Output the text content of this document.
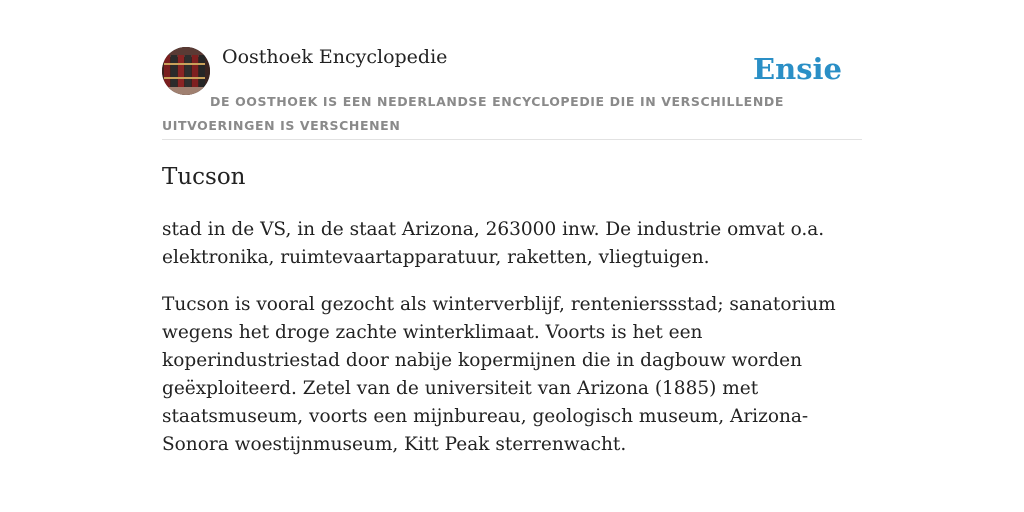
Oosthoek Encyclopedie	Ensie
DE OOSTHOEK IS EEN NEDERLANDSE ENCYCLOPEDIE DIE IN VERSCHILLENDE UITVOERINGEN IS VERSCHENEN
Tucson

stad in de VS, in de staat Arizona, 263000 inw. De industrie omvat o.a. elektronika, ruimtevaartapparatuur, raketten, vliegtuigen.

Tucson is vooral gezocht als winterverblijf, rentenierssstad; sanatorium wegens het droge zachte winterklimaat. Voorts is het een koperindustriestad door nabije kopermijnen die in dagbouw worden geëxploiteerd. Zetel van de universiteit van Arizona (1885) met staatsmuseum, voorts een mijnbureau, geologisch museum, Arizona-Sonora woestijnmuseum, Kitt Peak sterrenwacht.
